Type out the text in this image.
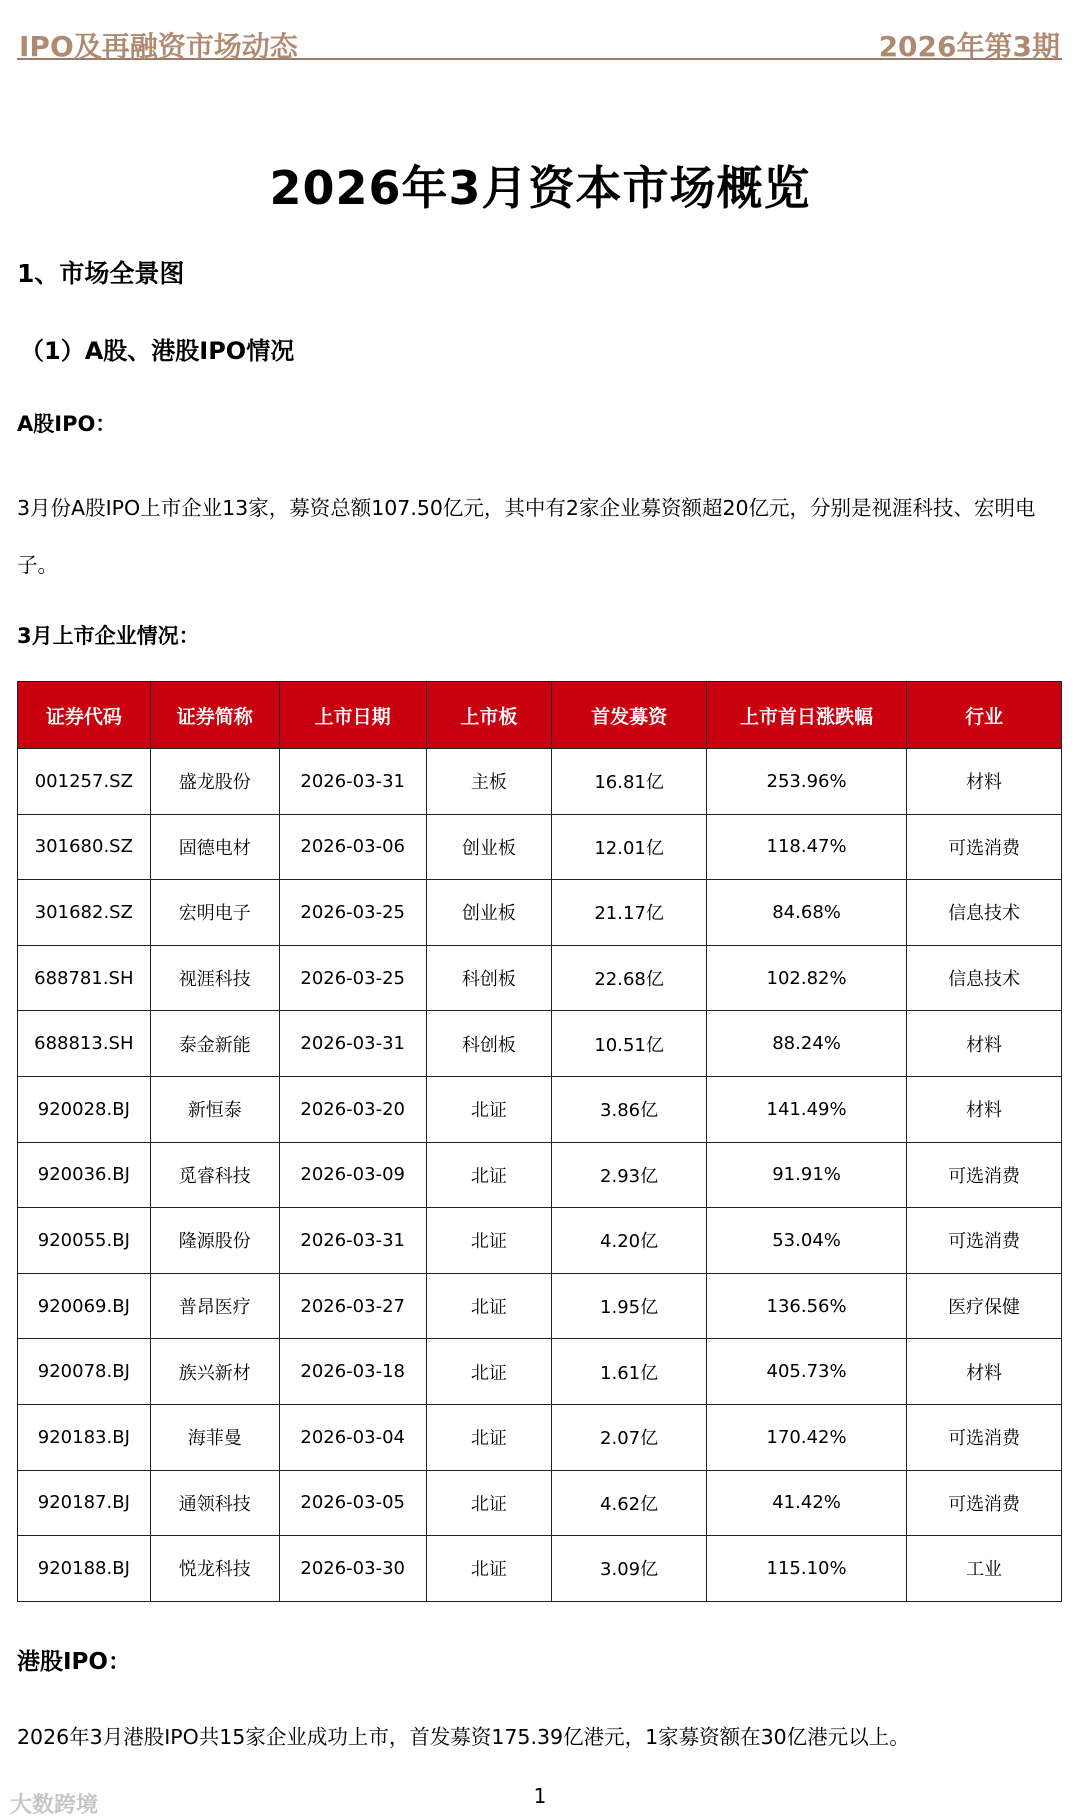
IPO及再融资市场动态	2026年第3期
2026年3月资本市场概览
1、市场全景图
（1）A股、港股IPO情况
A股IPO：

3月份A股IPO上市企业13家，募资总额107.50亿元，其中有2家企业募资额超20亿元，分别是视涯科技、宏明电子。

3月上市企业情况：
证券代码	证券简称	上市日期	上市板	首发募资	上市首日涨跌幅	行业
001257.SZ	盛龙股份	2026-03-31	主板	16.81亿	253.96%	材料
301680.SZ	固德电材	2026-03-06	创业板	12.01亿	118.47%	可选消费
301682.SZ	宏明电子	2026-03-25	创业板	21.17亿	84.68%	信息技术
688781.SH	视涯科技	2026-03-25	科创板	22.68亿	102.82%	信息技术
688813.SH	泰金新能	2026-03-31	科创板	10.51亿	88.24%	材料
920028.BJ	新恒泰	2026-03-20	北证	3.86亿	141.49%	材料
920036.BJ	觅睿科技	2026-03-09	北证	2.93亿	91.91%	可选消费
920055.BJ	隆源股份	2026-03-31	北证	4.20亿	53.04%	可选消费
920069.BJ	普昂医疗	2026-03-27	北证	1.95亿	136.56%	医疗保健
920078.BJ	族兴新材	2026-03-18	北证	1.61亿	405.73%	材料
920183.BJ	海菲曼	2026-03-04	北证	2.07亿	170.42%	可选消费
920187.BJ	通领科技	2026-03-05	北证	4.62亿	41.42%	可选消费
920188.BJ	悦龙科技	2026-03-30	北证	3.09亿	115.10%	工业
港股IPO：

2026年3月港股IPO共15家企业成功上市，首发募资175.39亿港元，1家募资额在30亿港元以上。

1
大数跨境
